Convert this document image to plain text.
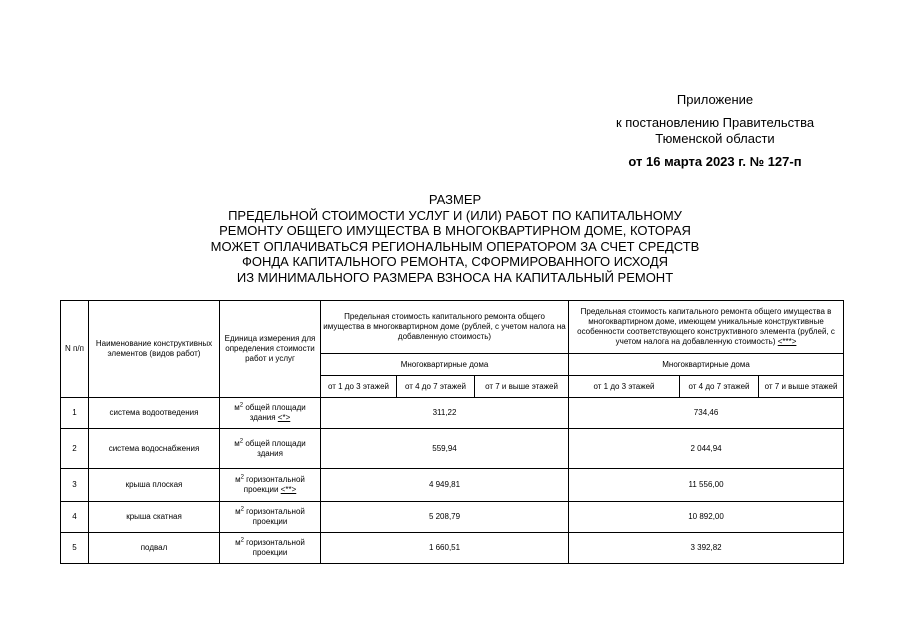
Приложение
к постановлению Правительства
Тюменской области
от 16 марта 2023 г. № 127-п
РАЗМЕР
ПРЕДЕЛЬНОЙ СТОИМОСТИ УСЛУГ И (ИЛИ) РАБОТ ПО КАПИТАЛЬНОМУ
РЕМОНТУ ОБЩЕГО ИМУЩЕСТВА В МНОГОКВАРТИРНОМ ДОМЕ, КОТОРАЯ
МОЖЕТ ОПЛАЧИВАТЬСЯ РЕГИОНАЛЬНЫМ ОПЕРАТОРОМ ЗА СЧЕТ СРЕДСТВ
ФОНДА КАПИТАЛЬНОГО РЕМОНТА, СФОРМИРОВАННОГО ИСХОДЯ
ИЗ МИНИМАЛЬНОГО РАЗМЕРА ВЗНОСА НА КАПИТАЛЬНЫЙ РЕМОНТ
N п/п	Наименование конструктивных элементов (видов работ)	Единица измерения для определения стоимости работ и услуг	Предельная стоимость капитального ремонта общего имущества в многоквартирном доме (рублей, с учетом налога на добавленную стоимость)			Предельная стоимость капитального ремонта общего имущества в многоквартирном доме, имеющем уникальные конструктивные особенности соответствующего конструктивного элемента (рублей, с учетом налога на добавленную стоимость) <***>		
			Многоквартирные дома			Многоквартирные дома		
			от 1 до 3 этажей	от 4 до 7 этажей	от 7 и выше этажей	от 1 до 3 этажей	от 4 до 7 этажей	от 7 и выше этажей
1	система водоотведения	$м^2$ общей площади здания <*>	311,22			734,46		
2	система водоснабжения	$м^2$ общей площади здания	559,94			2 044,94		
3	крыша плоская	$м^2$ горизонтальной проекции <**>	4 949,81			11 556,00		
4	крыша скатная	$м^2$ горизонтальной проекции	5 208,79			10 892,00		
5	подвал	$м^2$ горизонтальной проекции	1 660,51			3 392,82		
